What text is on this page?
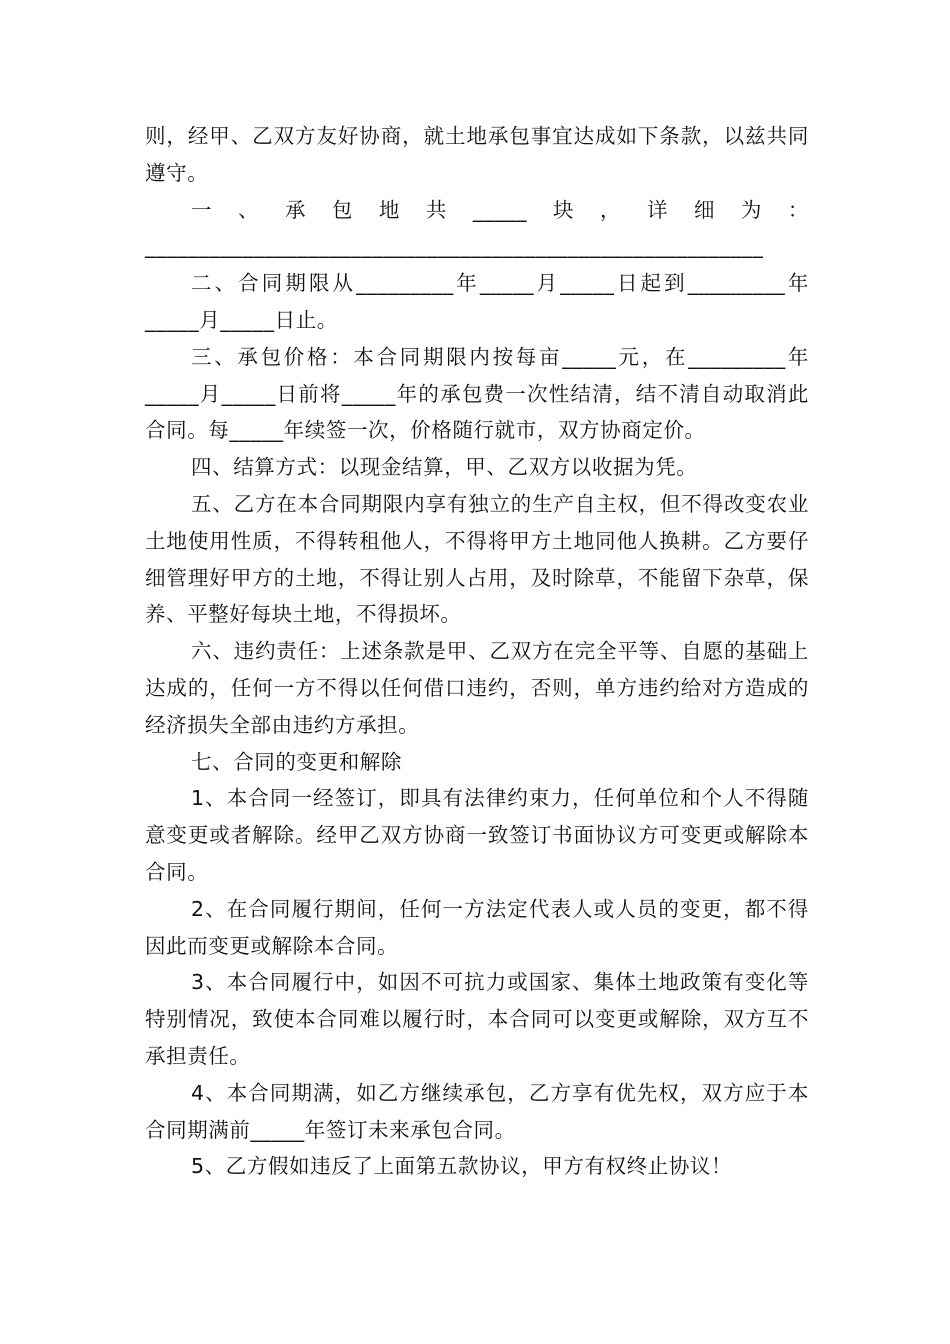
则，经甲、乙双方友好协商，就土地承包事宜达成如下条款，以兹共同遵守。

一、承包地共_____块，详细为：_________________________________________________________

二、合同期限从_________年_____月_____日起到_________年_____月_____日止。

三、承包价格：本合同期限内按每亩_____元，在_________年_____月_____日前将_____年的承包费一次性结清，结不清自动取消此合同。每_____年续签一次，价格随行就市，双方协商定价。

四、结算方式：以现金结算，甲、乙双方以收据为凭。

五、乙方在本合同期限内享有独立的生产自主权，但不得改变农业土地使用性质，不得转租他人，不得将甲方土地同他人换耕。乙方要仔细管理好甲方的土地，不得让别人占用，及时除草，不能留下杂草，保养、平整好每块土地，不得损坏。

六、违约责任：上述条款是甲、乙双方在完全平等、自愿的基础上达成的，任何一方不得以任何借口违约，否则，单方违约给对方造成的经济损失全部由违约方承担。

七、合同的变更和解除

1、本合同一经签订，即具有法律约束力，任何单位和个人不得随意变更或者解除。经甲乙双方协商一致签订书面协议方可变更或解除本合同。

2、在合同履行期间，任何一方法定代表人或人员的变更，都不得因此而变更或解除本合同。

3、本合同履行中，如因不可抗力或国家、集体土地政策有变化等特别情况，致使本合同难以履行时，本合同可以变更或解除，双方互不承担责任。

4、本合同期满，如乙方继续承包，乙方享有优先权，双方应于本合同期满前_____年签订未来承包合同。

5、乙方假如违反了上面第五款协议，甲方有权终止协议！
